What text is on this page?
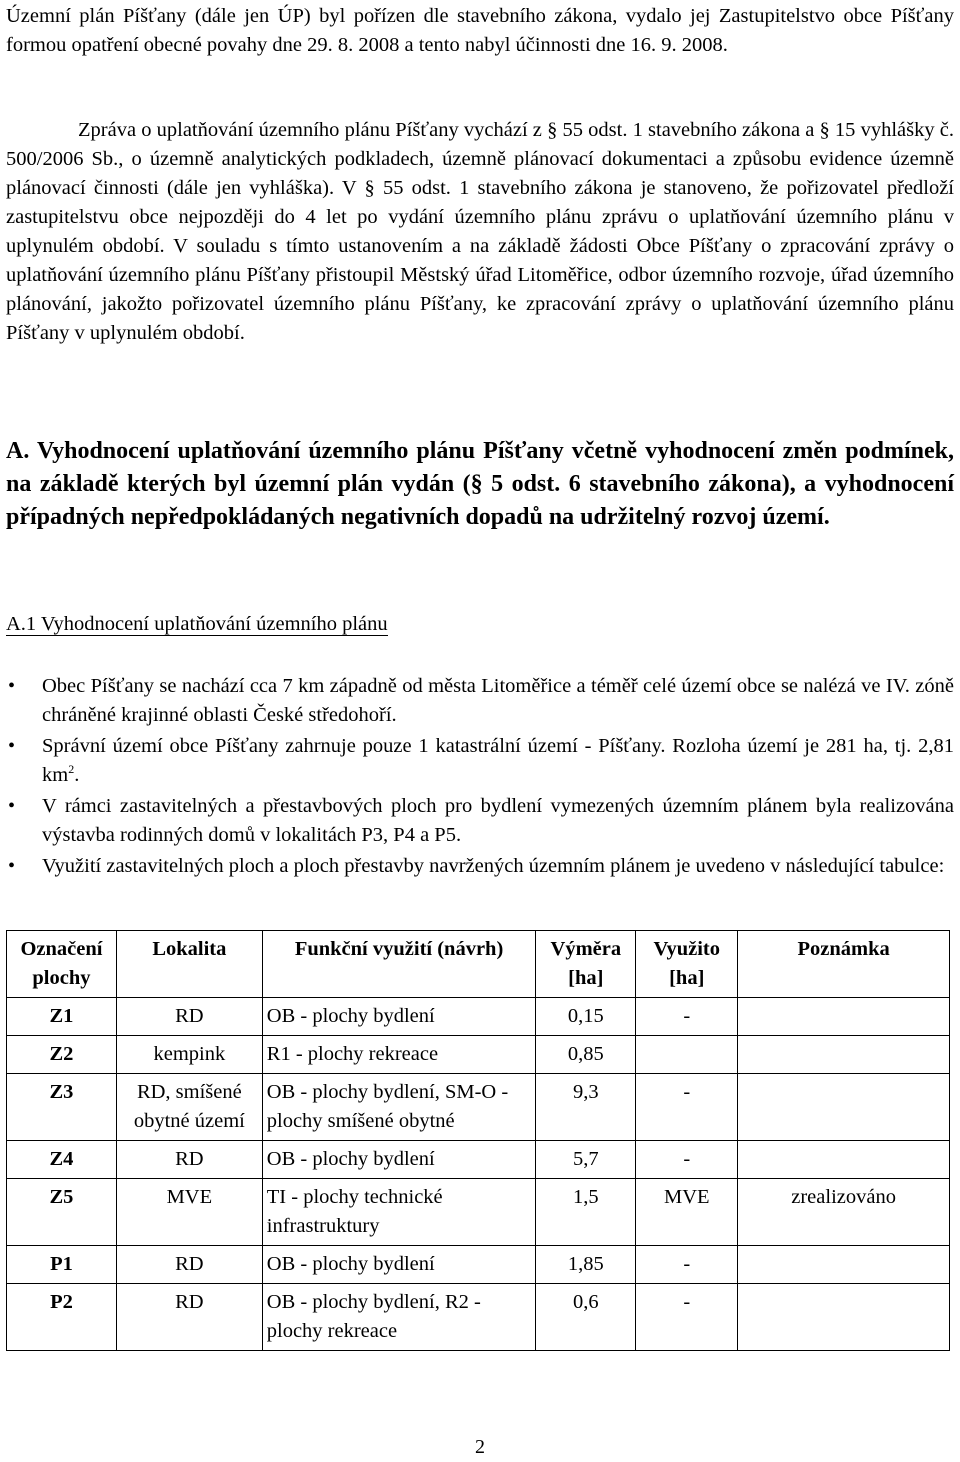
Územní plán Píšťany (dále jen ÚP) byl pořízen dle stavebního zákona, vydalo jej Zastupitelstvo obce Píšťany formou opatření obecné povahy dne 29. 8. 2008 a tento nabyl účinnosti dne 16. 9. 2008.

Zpráva o uplatňování územního plánu Píšťany vychází z § 55 odst. 1 stavebního zákona a § 15 vyhlášky č. 500/2006 Sb., o územně analytických podkladech, územně plánovací dokumentaci a způsobu evidence územně plánovací činnosti (dále jen vyhláška). V § 55 odst. 1 stavebního zákona je stanoveno, že pořizovatel předloží zastupitelstvu obce nejpozději do 4 let po vydání územního plánu zprávu o uplatňování územního plánu v uplynulém období. V souladu s tímto ustanovením a na základě žádosti Obce Píšťany o zpracování zprávy o uplatňování územního plánu Píšťany přistoupil Městský úřad Litoměřice, odbor územního rozvoje, úřad územního plánování, jakožto pořizovatel územního plánu Píšťany, ke zpracování zprávy o uplatňování územního plánu Píšťany v uplynulém období.

A. Vyhodnocení uplatňování územního plánu Píšťany včetně vyhodnocení změn podmínek, na základě kterých byl územní plán vydán (§ 5 odst. 6 stavebního zákona), a vyhodnocení případných nepředpokládaných negativních dopadů na udržitelný rozvoj území.
A.1 Vyhodnocení uplatňování územního plánu
• Obec Píšťany se nachází cca 7 km západně od města Litoměřice a téměř celé území obce se nalézá ve IV. zóně chráněné krajinné oblasti České středohoří.
• Správní území obce Píšťany zahrnuje pouze 1 katastrální území - Píšťany. Rozloha území je 281 ha, tj. 2,81 $km^2$.
• V rámci zastavitelných a přestavbových ploch pro bydlení vymezených územním plánem byla realizována výstavba rodinných domů v lokalitách P3, P4 a P5.
• Využití zastavitelných ploch a ploch přestavby navržených územním plánem je uvedeno v následující tabulce:
Označení plochy	Lokalita	Funkční využití (návrh)	Výměra [ha]	Využito [ha]	Poznámka
Z1	RD	OB - plochy bydlení	0,15	-	
Z2	kempink	R1 - plochy rekreace	0,85		
Z3	RD, smíšené obytné území	OB - plochy bydlení, SM-O - plochy smíšené obytné	9,3	-	
Z4	RD	OB - plochy bydlení	5,7	-	
Z5	MVE	TI - plochy technické infrastruktury	1,5	MVE	zrealizováno
P1	RD	OB - plochy bydlení	1,85	-	
P2	RD	OB - plochy bydlení, R2 - plochy rekreace	0,6	-	
2
